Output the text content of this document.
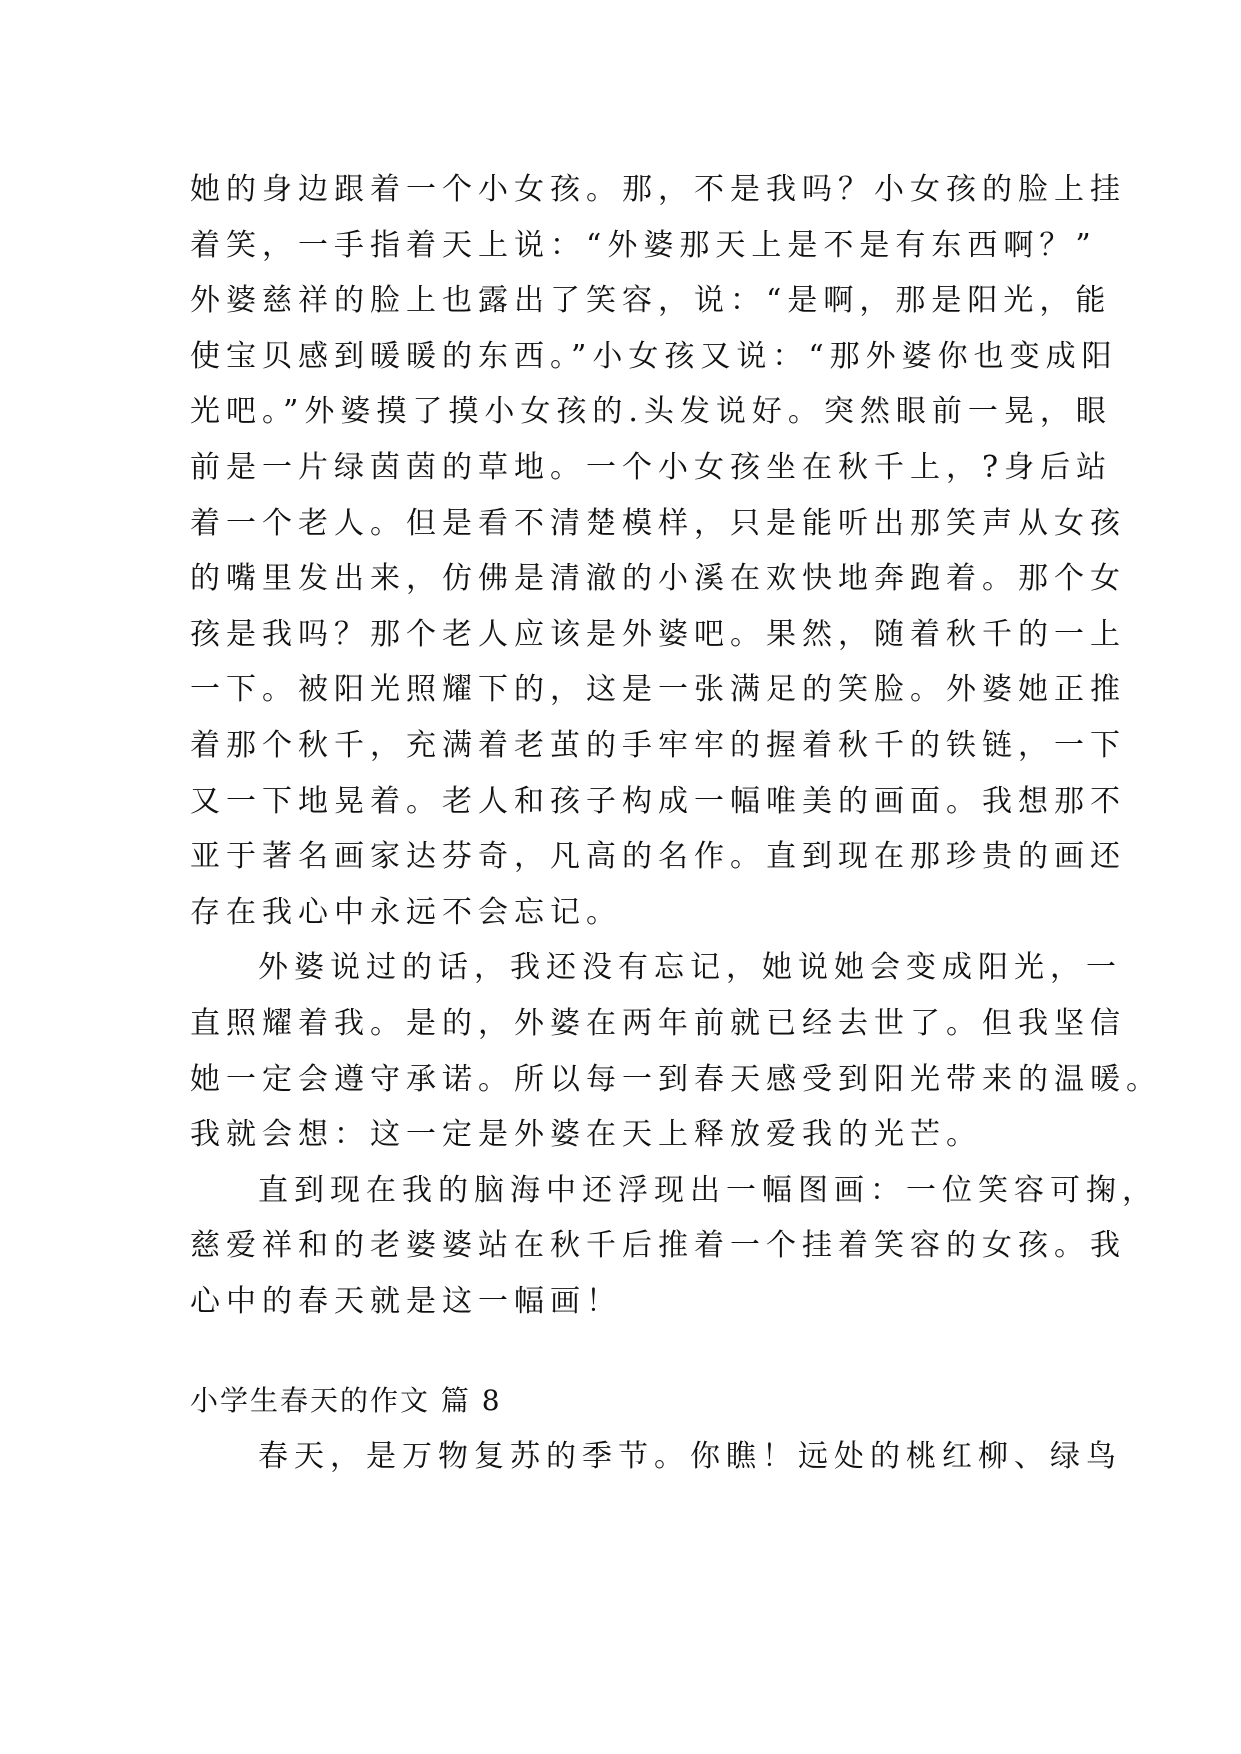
她的身边跟着一个小女孩。那，不是我吗？小女孩的脸上挂
着笑，一手指着天上说：“外婆那天上是不是有东西啊？”
外婆慈祥的脸上也露出了笑容，说：“是啊，那是阳光，能
使宝贝感到暖暖的东西。”小女孩又说：“那外婆你也变成阳
光吧。”外婆摸了摸小女孩的.头发说好。突然眼前一晃，眼
前是一片绿茵茵的草地。一个小女孩坐在秋千上，?身后站
着一个老人。但是看不清楚模样，只是能听出那笑声从女孩
的嘴里发出来，仿佛是清澈的小溪在欢快地奔跑着。那个女
孩是我吗？那个老人应该是外婆吧。果然，随着秋千的一上
一下。被阳光照耀下的，这是一张满足的笑脸。外婆她正推
着那个秋千，充满着老茧的手牢牢的握着秋千的铁链，一下
又一下地晃着。老人和孩子构成一幅唯美的画面。我想那不
亚于著名画家达芬奇，凡高的名作。直到现在那珍贵的画还
存在我心中永远不会忘记。
外婆说过的话，我还没有忘记，她说她会变成阳光，一
直照耀着我。是的，外婆在两年前就已经去世了。但我坚信
她一定会遵守承诺。所以每一到春天感受到阳光带来的温暖。
我就会想：这一定是外婆在天上释放爱我的光芒。
直到现在我的脑海中还浮现出一幅图画：一位笑容可掬，
慈爱祥和的老婆婆站在秋千后推着一个挂着笑容的女孩。我
心中的春天就是这一幅画！
小学生春天的作文 篇 8
春天，是万物复苏的季节。你瞧！远处的桃红柳、绿鸟
